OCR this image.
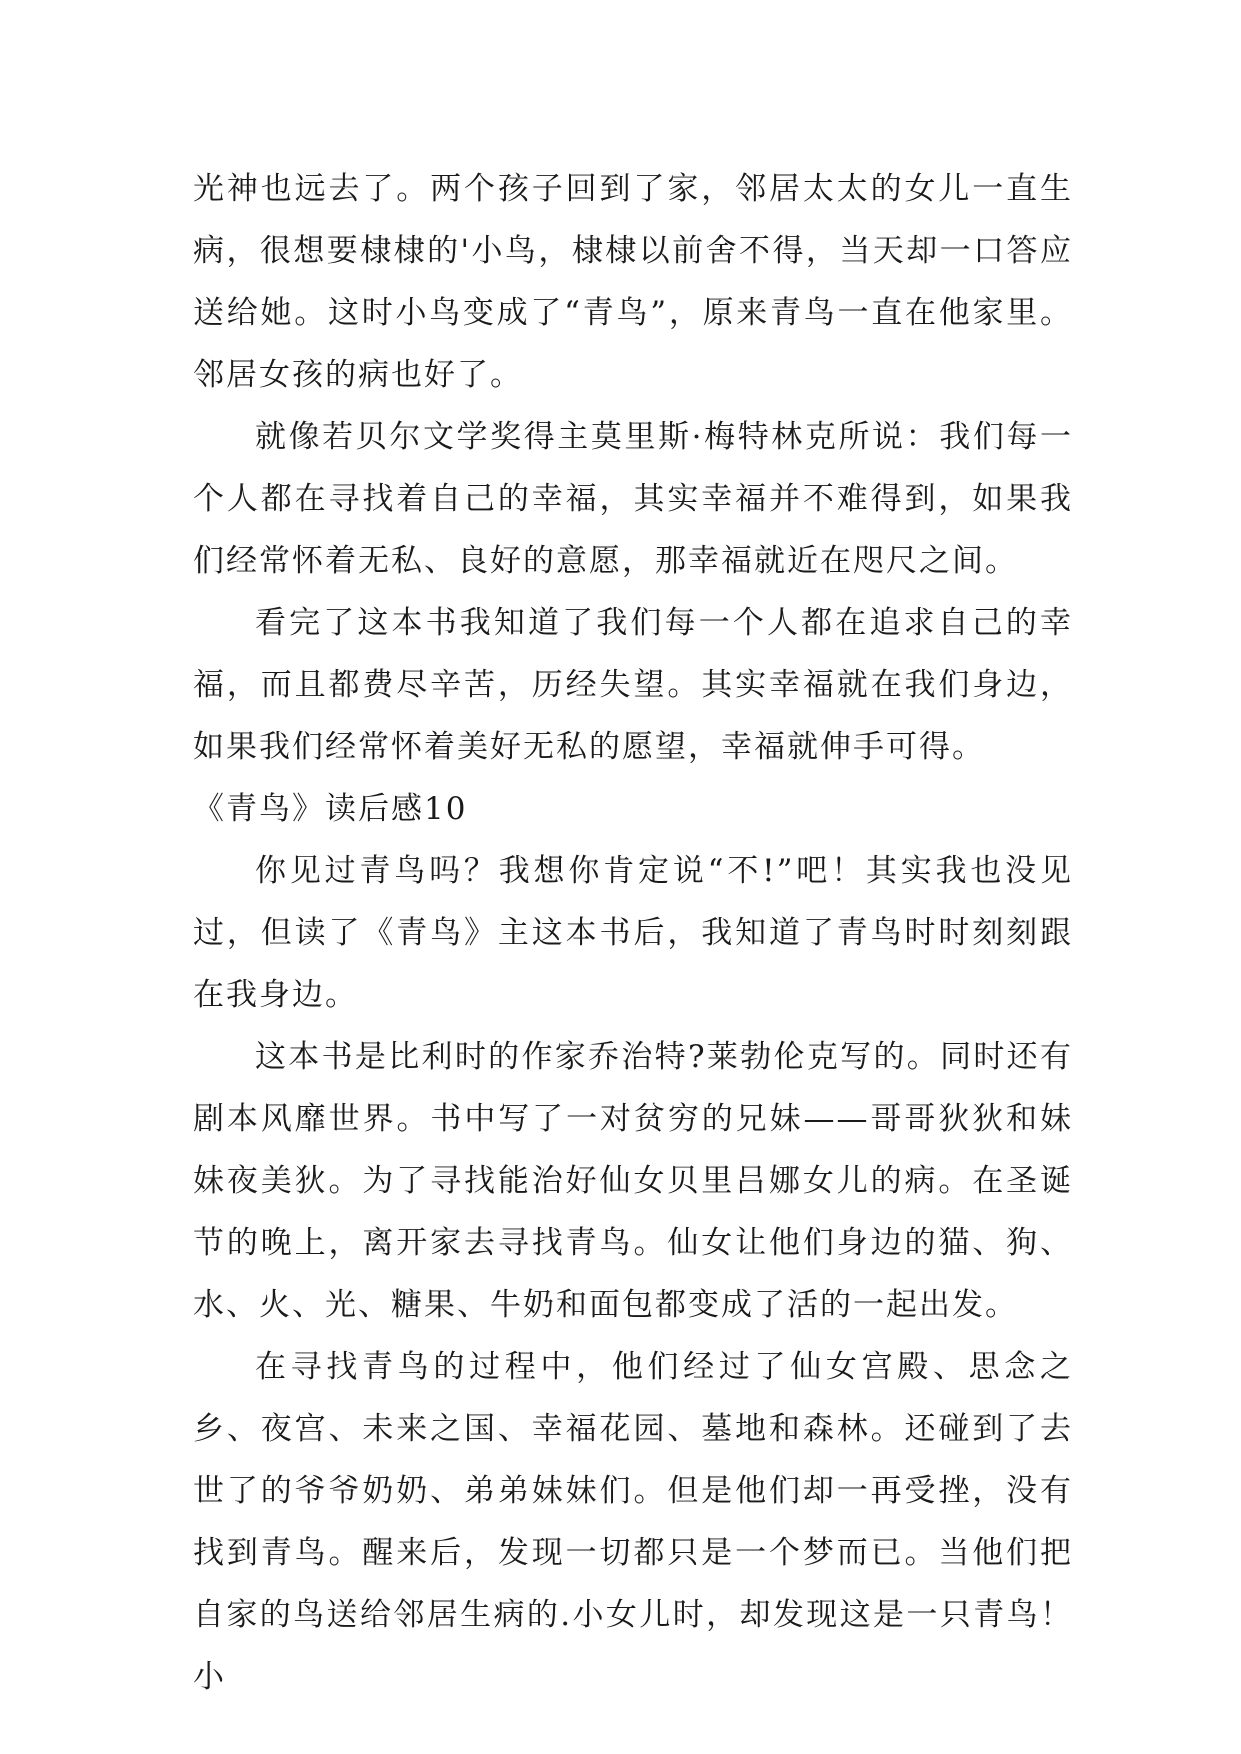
光神也远去了。两个孩子回到了家，邻居太太的女儿一直生病，很想要棣棣的'小鸟，棣棣以前舍不得，当天却一口答应送给她。这时小鸟变成了“青鸟”，原来青鸟一直在他家里。邻居女孩的病也好了。

就像若贝尔文学奖得主莫里斯·梅特林克所说：我们每一个人都在寻找着自己的幸福，其实幸福并不难得到，如果我们经常怀着无私、良好的意愿，那幸福就近在咫尺之间。

看完了这本书我知道了我们每一个人都在追求自己的幸福，而且都费尽辛苦，历经失望。其实幸福就在我们身边，如果我们经常怀着美好无私的愿望，幸福就伸手可得。

《青鸟》读后感10

你见过青鸟吗？我想你肯定说“不!”吧！其实我也没见过，但读了《青鸟》主这本书后，我知道了青鸟时时刻刻跟在我身边。

这本书是比利时的作家乔治特?莱勃伦克写的。同时还有剧本风靡世界。书中写了一对贫穷的兄妹——哥哥狄狄和妹妹夜美狄。为了寻找能治好仙女贝里吕娜女儿的病。在圣诞节的晚上，离开家去寻找青鸟。仙女让他们身边的猫、狗、水、火、光、糖果、牛奶和面包都变成了活的一起出发。

在寻找青鸟的过程中，他们经过了仙女宫殿、思念之乡、夜宫、未来之国、幸福花园、墓地和森林。还碰到了去世了的爷爷奶奶、弟弟妹妹们。但是他们却一再受挫，没有找到青鸟。醒来后，发现一切都只是一个梦而已。当他们把自家的鸟送给邻居生病的.小女儿时，却发现这是一只青鸟！小
